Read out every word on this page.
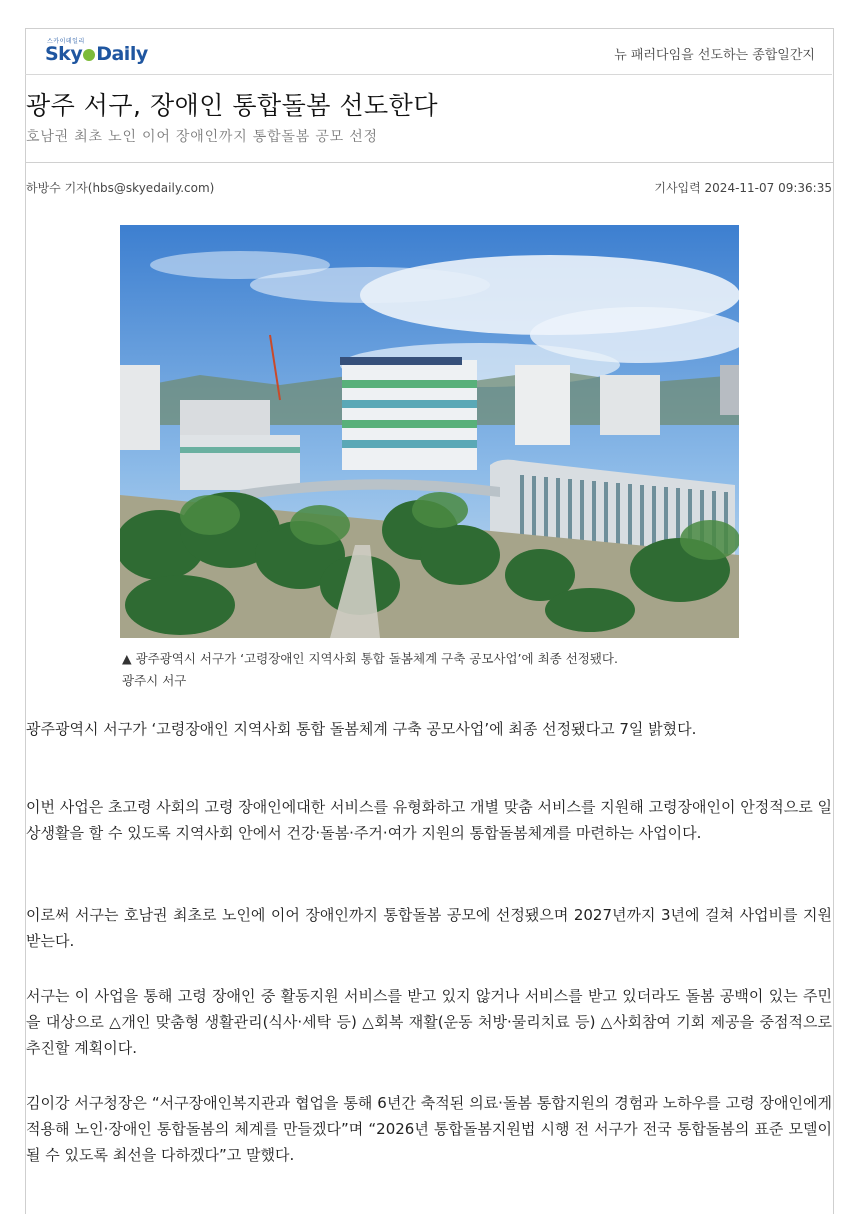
스카이데일리
Sky Daily	뉴 패러다임을 선도하는 종합일간지
광주 서구, 장애인 통합돌봄 선도한다
호남권 최초 노인 이어 장애인까지 통합돌봄 공모 선정
하방수 기자(hbs@skyedaily.com)	기사입력 2024-11-07 09:36:35
▲ 광주광역시 서구가 ‘고령장애인 지역사회 통합 돌봄체계 구축 공모사업’에 최종 선정됐다.
광주시 서구

광주광역시 서구가 ‘고령장애인 지역사회 통합 돌봄체계 구축 공모사업’에 최종 선정됐다고 7일 밝혔다.

이번 사업은 초고령 사회의 고령 장애인에대한 서비스를 유형화하고 개별 맞춤 서비스를 지원해 고령장애인이 안정적으로 일상생활을 할 수 있도록 지역사회 안에서 건강·돌봄·주거·여가 지원의 통합돌봄체계를 마련하는 사업이다.

이로써 서구는 호남권 최초로 노인에 이어 장애인까지 통합돌봄 공모에 선정됐으며 2027년까지 3년에 걸쳐 사업비를 지원받는다.

서구는 이 사업을 통해 고령 장애인 중 활동지원 서비스를 받고 있지 않거나 서비스를 받고 있더라도 돌봄 공백이 있는 주민을 대상으로 △개인 맞춤형 생활관리(식사·세탁 등) △회복 재활(운동 처방·물리치료 등) △사회참여 기회 제공을 중점적으로 추진할 계획이다.

김이강 서구청장은 “서구장애인복지관과 협업을 통해 6년간 축적된 의료·돌봄 통합지원의 경험과 노하우를 고령 장애인에게 적용해 노인·장애인 통합돌봄의 체계를 만들겠다”며 “2026년 통합돌봄지원법 시행 전 서구가 전국 통합돌봄의 표준 모델이 될 수 있도록 최선을 다하겠다”고 말했다.
